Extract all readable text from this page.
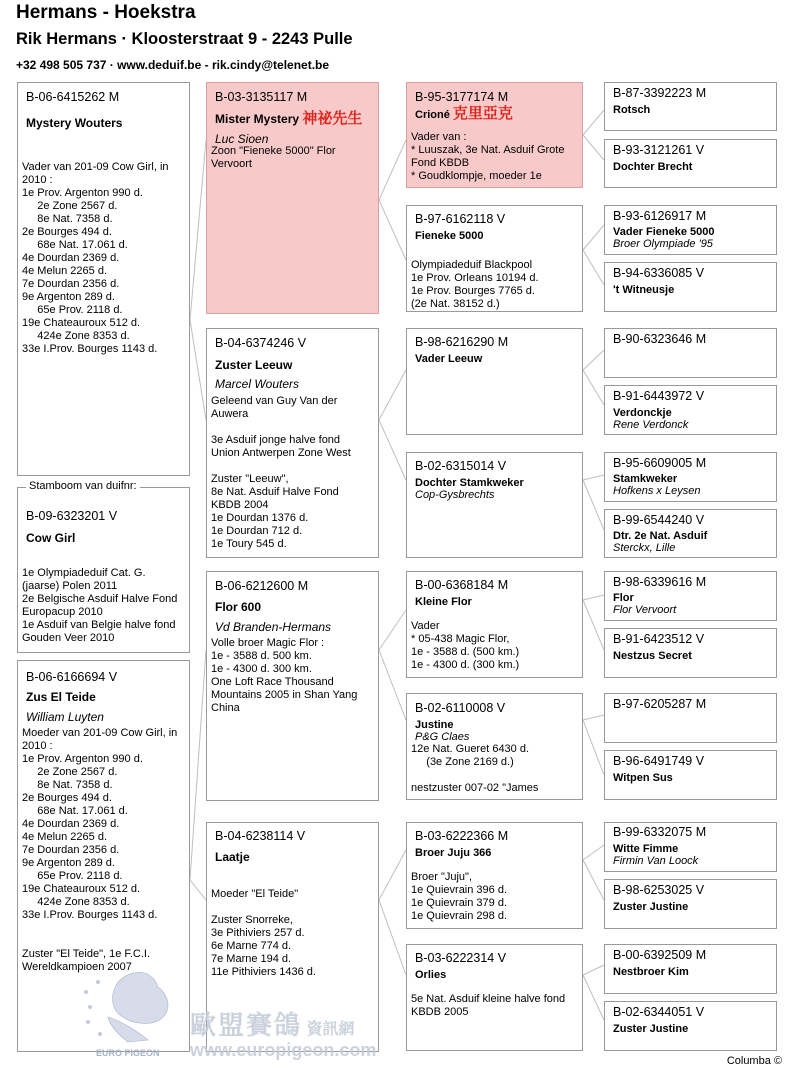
Hermans - Hoekstra
Rik Hermans · Kloosterstraat 9 - 2243 Pulle
+32 498 505 737 · www.deduif.be - rik.cindy@telenet.be
B-06-6415262 M
Mystery Wouters
Vader van 201-09 Cow Girl, in
2010 :
1e Prov. Argenton 990 d.
2e Zone 2567 d.
8e Nat. 7358 d.
2e Bourges 494 d.
68e Nat. 17.061 d.
4e Dourdan 2369 d.
4e Melun 2265 d.
7e Dourdan 2356 d.
9e Argenton 289 d.
65e Prov. 2118 d.
19e Chateauroux 512 d.
424e Zone 8353 d.
33e I.Prov. Bourges 1143 d.
B-09-6323201 V
Cow Girl
1e Olympiadeduif Cat. G.
(jaarse) Polen 2011
2e Belgische Asduif Halve Fond
Europacup 2010
1e Asduif van Belgie halve fond
Gouden Veer 2010
Stamboom van duifnr:
B-06-6166694 V
Zus El Teide
William Luyten
Moeder van 201-09 Cow Girl, in
2010 :
1e Prov. Argenton 990 d.
2e Zone 2567 d.
8e Nat. 7358 d.
2e Bourges 494 d.
68e Nat. 17.061 d.
4e Dourdan 2369 d.
4e Melun 2265 d.
7e Dourdan 2356 d.
9e Argenton 289 d.
65e Prov. 2118 d.
19e Chateauroux 512 d.
424e Zone 8353 d.
33e I.Prov. Bourges 1143 d.

Zuster "El Teide", 1e F.C.I.
Wereldkampioen 2007
B-03-3135117 M
Mister Mystery 神祕先生
Luc Sioen
Zoon "Fieneke 5000" Flor
Vervoort
B-04-6374246 V
Zuster Leeuw
Marcel Wouters
Geleend van Guy Van der
Auwera

3e Asduif jonge halve fond
Union Antwerpen Zone West

Zuster "Leeuw",
8e Nat. Asduif Halve Fond
KBDB 2004
1e Dourdan 1376 d.
1e Dourdan 712 d.
1e Toury 545 d.
B-06-6212600 M
Flor 600
Vd Branden-Hermans
Volle broer Magic Flor :
1e - 3588 d. 500 km.
1e - 4300 d. 300 km.
One Loft Race Thousand
Mountains 2005 in Shan Yang
China
B-04-6238114 V
Laatje
Moeder "El Teide"

Zuster Snorreke,
3e Pithiviers 257 d.
6e Marne 774 d.
7e Marne 194 d.
11e Pithiviers 1436 d.
B-95-3177174 M
Crioné 克里亞克
Vader van :
* Luuszak, 3e Nat. Asduif Grote
Fond KBDB
* Goudklompje, moeder 1e
B-97-6162118 V
Fieneke 5000
Olympiadeduif Blackpool
1e Prov. Orleans 10194 d.
1e Prov. Bourges 7765 d.
(2e Nat. 38152 d.)
B-98-6216290 M
Vader Leeuw
B-02-6315014 V
Dochter Stamkweker
Cop-Gysbrechts
B-00-6368184 M
Kleine Flor
Vader
* 05-438 Magic Flor,
1e - 3588 d. (500 km.)
1e - 4300 d. (300 km.)
B-02-6110008 V
Justine
P&G Claes
12e Nat. Gueret 6430 d.
(3e Zone 2169 d.)

nestzuster 007-02 "James
B-03-6222366 M
Broer Juju 366
Broer "Juju",
1e Quievrain 396 d.
1e Quievrain 379 d.
1e Quievrain 298 d.
B-03-6222314 V
Orlies
5e Nat. Asduif kleine halve fond
KBDB 2005
B-87-3392223 M
Rotsch
B-93-3121261 V
Dochter Brecht
B-93-6126917 M
Vader Fieneke 5000
Broer Olympiade '95
B-94-6336085 V
't Witneusje
B-90-6323646 M
B-91-6443972 V
Verdonckje
Rene Verdonck
B-95-6609005 M
Stamkweker
Hofkens x Leysen
B-99-6544240 V
Dtr. 2e Nat. Asduif
Sterckx, Lille
B-98-6339616 M
Flor
Flor Vervoort
B-91-6423512 V
Nestzus Secret
B-97-6205287 M
B-96-6491749 V
Witpen Sus
B-99-6332075 M
Witte Fimme
Firmin Van Loock
B-98-6253025 V
Zuster Justine
B-00-6392509 M
Nestbroer Kim
B-02-6344051 V
Zuster Justine
EURO PIGEON
歐盟賽鴿 資訊網
www.europigeon.com
Columba ©
